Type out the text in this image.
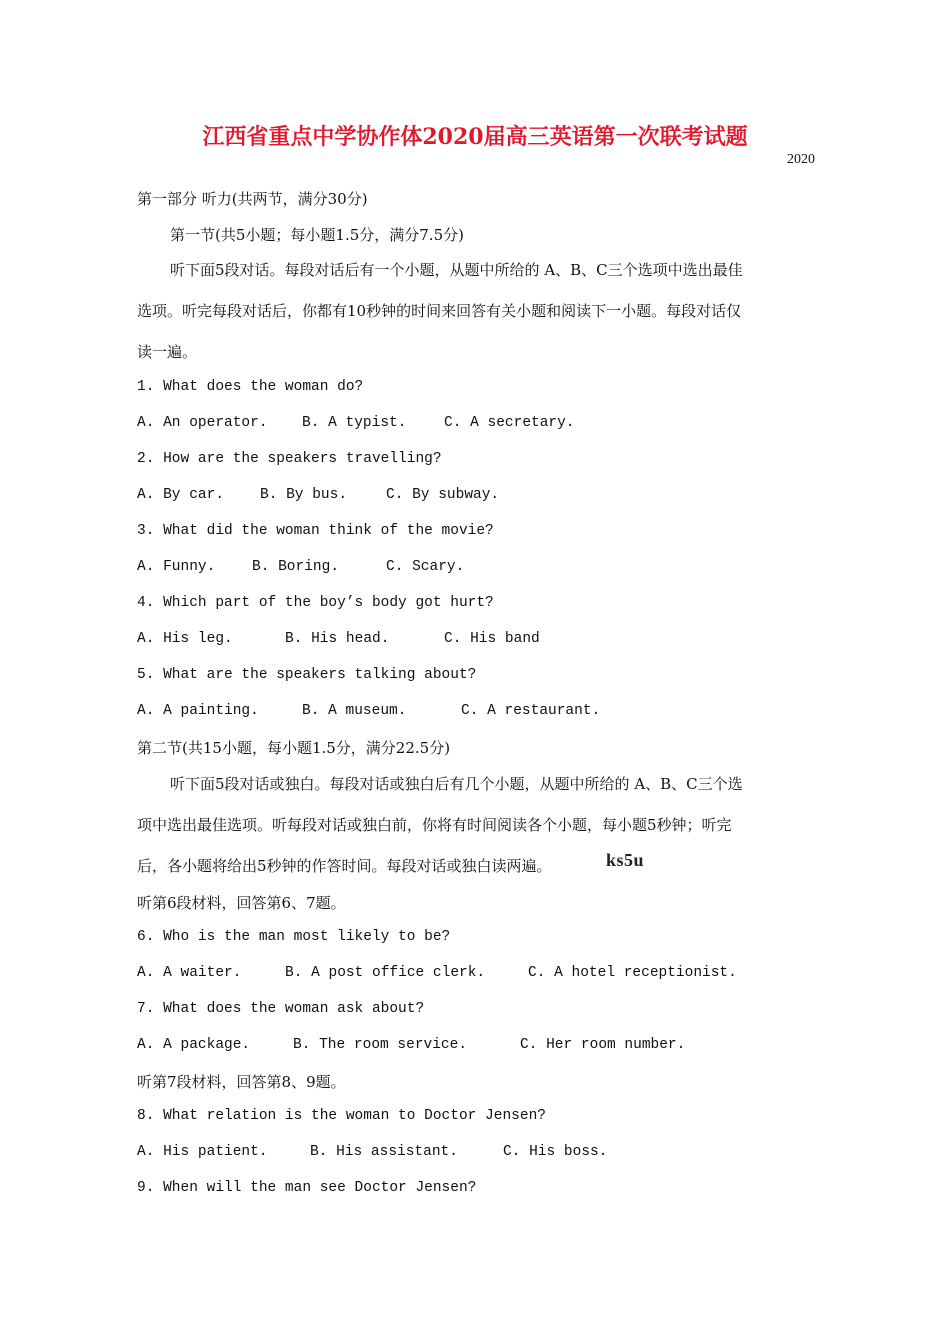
江西省重点中学协作体2020届高三英语第一次联考试题
2020
第一部分 听力(共两节，满分30分)
第一节(共5小题；每小题1.5分，满分7.5分)
听下面5段对话。每段对话后有一个小题，从题中所给的 A、B、C三个选项中选出最佳
选项。听完每段对话后，你都有10秒钟的时间来回答有关小题和阅读下一小题。每段对话仅
读一遍。
1. What does the woman do?
A. An operator. B. A typist.	C. A secretary.
2. How are the speakers travelling?
A. By car. B. By bus.	C. By subway.
3. What did the woman think of the movie?
A. Funny.	B. Boring.	C. Scary.
4. Which part of the boy’s body got hurt?
A. His leg.	B. His head.	C. His band
5. What are the speakers talking about?
A. A painting.	B. A museum.	C. A restaurant.
第二节(共15小题，每小题1.5分，满分22.5分)
听下面5段对话或独白。每段对话或独白后有几个小题，从题中所给的 A、B、C三个选
项中选出最佳选项。听每段对话或独白前，你将有时间阅读各个小题，每小题5秒钟；听完
后，各小题将给出5秒钟的作答时间。每段对话或独白读两遍。	ks5u
听第6段材料，回答第6、7题。
6. Who is the man most likely to be?
A. A waiter.	B. A post office clerk.	C. A hotel receptionist.
7. What does the woman ask about?
A. A package.	B. The room service.	C. Her room number.
听第7段材料，回答第8、9题。
8. What relation is the woman to Doctor Jensen?
A. His patient.	B. His assistant.	C. His boss.
9. When will the man see Doctor Jensen?
